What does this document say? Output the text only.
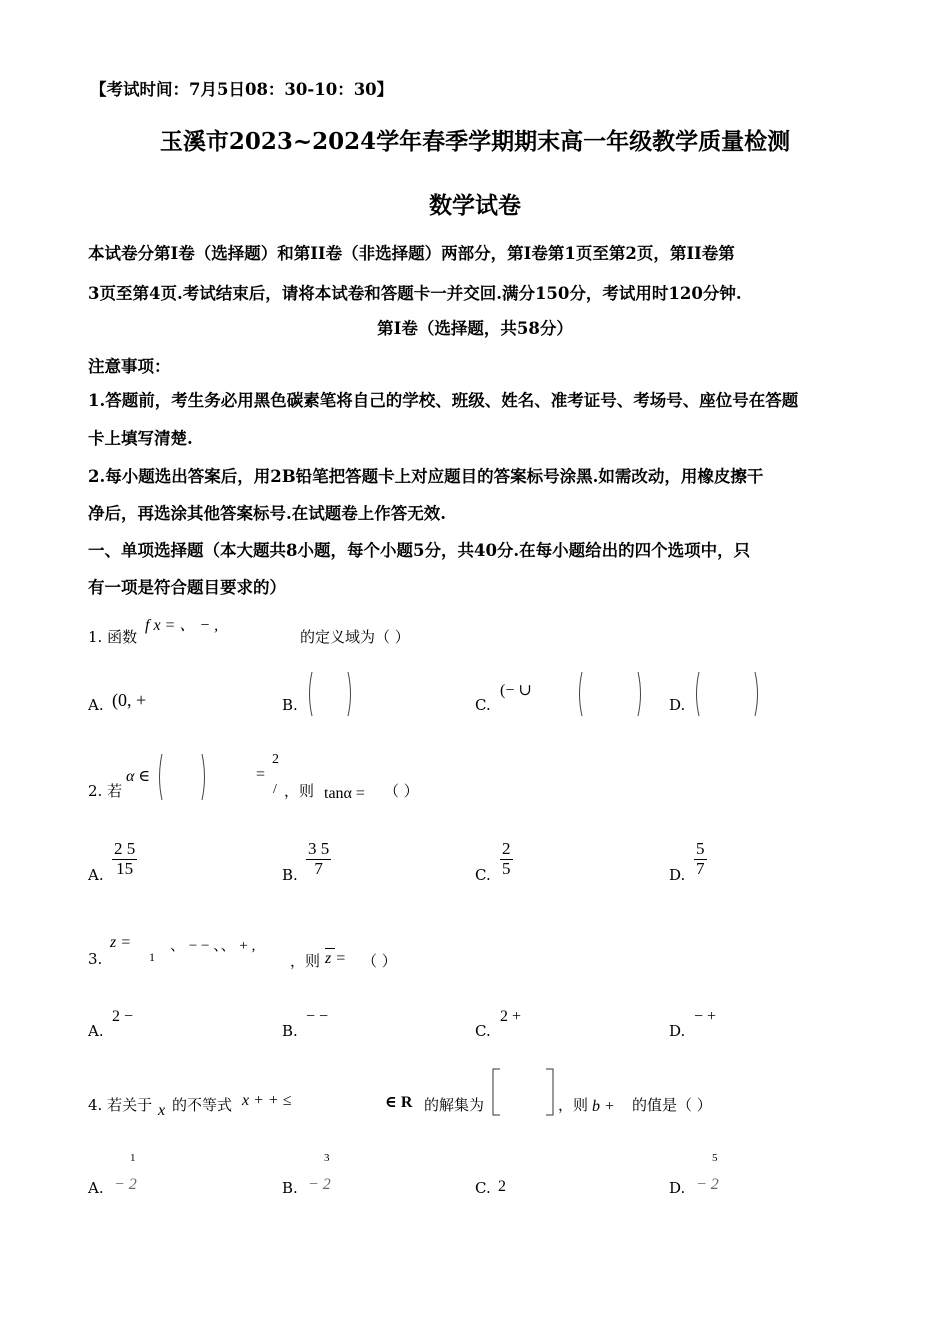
【考试时间：7月5日08：30-10：30】
玉溪市2023~2024学年春季学期期末高一年级教学质量检测
数学试卷
本试卷分第I卷（选择题）和第II卷（非选择题）两部分，第I卷第1页至第2页，第II卷第
3页至第4页.考试结束后，请将本试卷和答题卡一并交回.满分150分，考试用时120分钟.
第I卷（选择题，共58分）
注意事项：
1.答题前，考生务必用黑色碳素笔将自己的学校、班级、姓名、准考证号、考场号、座位号在答题
卡上填写清楚.
2.每小题选出答案后，用2B铅笔把答题卡上对应题目的答案标号涂黑.如需改动，用橡皮擦干
净后，再选涂其他答案标号.在试题卷上作答无效.
一、单项选择题（本大题共8小题，每个小题5分，共40分.在每小题给出的四个选项中，只
有一项是符合题目要求的）
1. 函数
f x = 、 − ,
的定义域为（ ）
A. (0, +	B.	C.
(− ∪
D.
2. 若
α ∈	=
2
/ ，则 tanα = （ ）
A. $\frac{2 5}{15}$	B. $\frac{3 5}{7}$	C. $\frac{2}{5}$	D. $\frac{5}{7}$
3.
z =
1
、 − − 、、 + ,
，则 z = （ ）
A.
2 −
B.
− −
C.
2 +
D.
− +
4. 若关于 x 的不等式 x + + ≤	∈ R 的解集为	，则 b + 的值是（ ）
A.
1
− 2	B.
3
− 2	C. 2	D.
5
− 2
